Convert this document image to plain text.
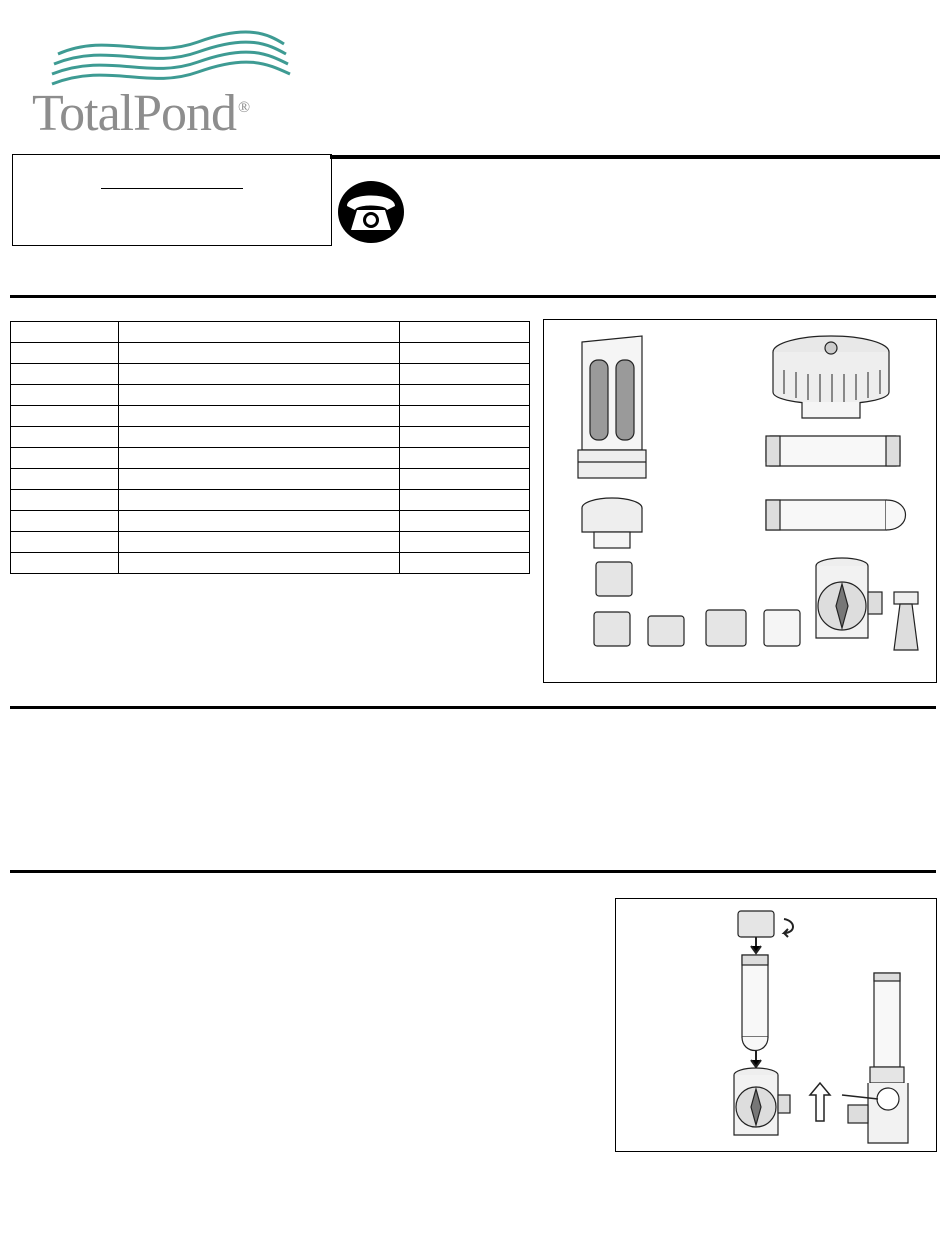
TotalPond ®
